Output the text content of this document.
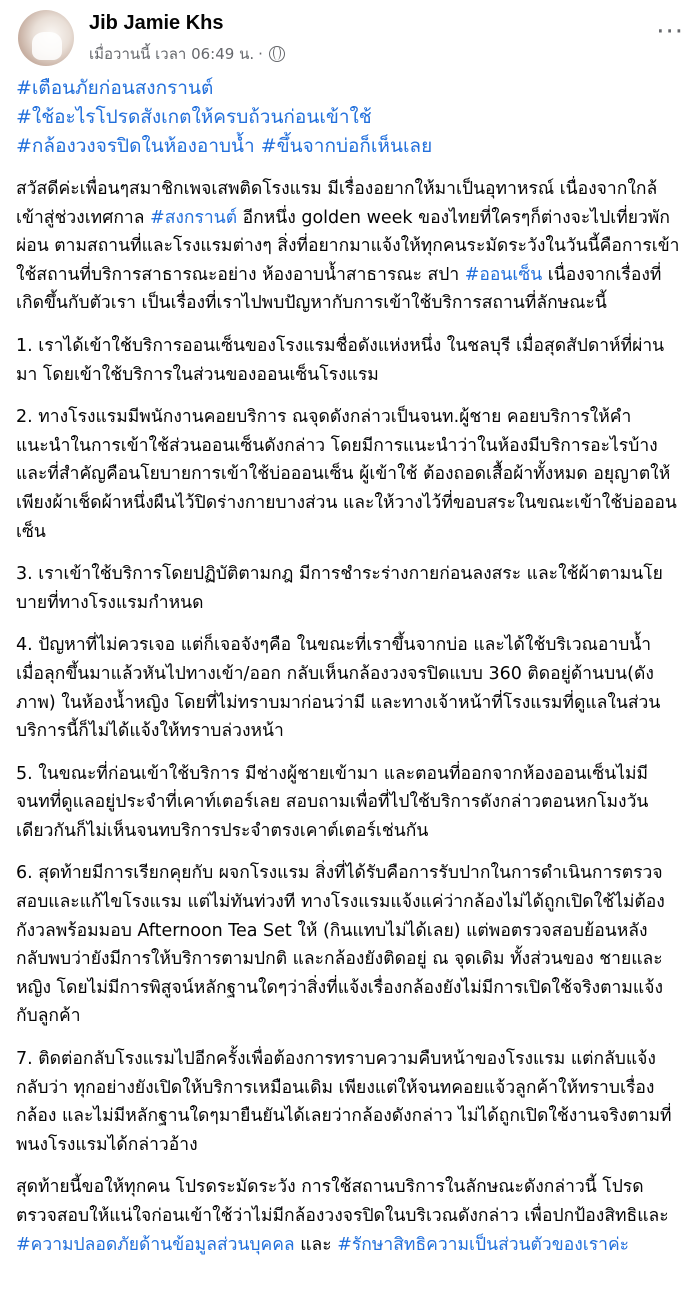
Jib Jamie Khs
เมื่อวานนี้ เวลา 06:49 น. ·
···
#เตือนภัยก่อนสงกรานต์
#ใช้อะไรโปรดสังเกตให้ครบถ้วนก่อนเข้าใช้
#กล้องวงจรปิดในห้องอาบน้ำ #ขึ้นจากบ่อก็เห็นเลย

สวัสดีค่ะเพื่อนๆสมาชิกเพจเสพติดโรงแรม มีเรื่องอยากให้มาเป็นอุทาหรณ์ เนื่องจากใกล้เข้าสู่ช่วงเทศกาล #สงกรานต์ อีกหนึ่ง golden week ของไทยที่ใครๆก็ต่างจะไปเที่ยวพักผ่อน ตามสถานที่และโรงแรมต่างๆ สิ่งที่อยากมาแจ้งให้ทุกคนระมัดระวังในวันนี้คือการเข้าใช้สถานที่บริการสาธารณะอย่าง ห้องอาบน้ำสาธารณะ สปา #ออนเซ็น เนื่องจากเรื่องที่เกิดขึ้นกับตัวเรา เป็นเรื่องที่เราไปพบปัญหากับการเข้าใช้บริการสถานที่ลักษณะนี้

1. เราได้เข้าใช้บริการออนเซ็นของโรงแรมชื่อดังแห่งหนึ่ง ในชลบุรี เมื่อสุดสัปดาห์ที่ผ่านมา โดยเข้าใช้บริการในส่วนของออนเซ็นโรงแรม

2. ทางโรงแรมมีพนักงานคอยบริการ ณจุดดังกล่าวเป็นจนท.ผู้ชาย คอยบริการให้คำแนะนำในการเข้าใช้ส่วนออนเซ็นดังกล่าว โดยมีการแนะนำว่าในห้องมีบริการอะไรบ้าง และที่สำคัญคือนโยบายการเข้าใช้บ่อออนเซ็น ผู้เข้าใช้ ต้องถอดเสื้อผ้าทั้งหมด อยุญาตให้เพียงผ้าเช็ดผ้าหนึ่งผืนไว้ปิดร่างกายบางส่วน และให้วางไว้ที่ขอบสระในขณะเข้าใช้บ่อออนเซ็น

3. เราเข้าใช้บริการโดยปฏิบัติตามกฎ มีการชำระร่างกายก่อนลงสระ และใช้ผ้าตามนโยบายที่ทางโรงแรมกำหนด

4. ปัญหาที่ไม่ควรเจอ แต่ก็เจอจังๆคือ ในขณะที่เราขึ้นจากบ่อ และได้ใช้บริเวณอาบน้ำ เมื่อลุกขึ้นมาแล้วหันไปทางเข้า/ออก กลับเห็นกล้องวงจรปิดแบบ 360 ติดอยู่ด้านบน(ดังภาพ) ในห้องน้ำหญิง โดยที่ไม่ทราบมาก่อนว่ามี และทางเจ้าหน้าที่โรงแรมที่ดูแลในส่วนบริการนี้ก็ไม่ได้แจ้งให้ทราบล่วงหน้า

5. ในขณะที่ก่อนเข้าใช้บริการ มีช่างผู้ชายเข้ามา และตอนที่ออกจากห้องออนเซ็นไม่มี จนทที่ดูแลอยู่ประจำที่เคาท์เตอร์เลย สอบถามเพื่อที่ไปใช้บริการดังกล่าวตอนหกโมงวันเดียวกันก็ไม่เห็นจนทบริการประจำตรงเคาต์เตอร์เช่นกัน

6. สุดท้ายมีการเรียกคุยกับ ผจกโรงแรม สิ่งที่ได้รับคือการรับปากในการดำเนินการตรวจสอบและแก้ไขโรงแรม แต่ไม่ทันท่วงที ทางโรงแรมแจ้งแค่ว่ากล้องไม่ได้ถูกเปิดใช้ไม่ต้องกังวลพร้อมมอบ Afternoon Tea Set ให้ (กินแทบไม่ได้เลย) แต่พอตรวจสอบย้อนหลัง กลับพบว่ายังมีการให้บริการตามปกติ และกล้องยังติดอยู่ ณ จุดเดิม ทั้งส่วนของ ชายและหญิง โดยไม่มีการพิสูจน์หลักฐานใดๆว่าสิ่งที่แจ้งเรื่องกล้องยังไม่มีการเปิดใช้จริงตามแจ้งกับลูกค้า

7. ติดต่อกลับโรงแรมไปอีกครั้งเพื่อต้องการทราบความคืบหน้าของโรงแรม แต่กลับแจ้งกลับว่า ทุกอย่างยังเปิดให้บริการเหมือนเดิม เพียงแต่ให้จนทคอยแจ้วลูกค้าให้ทราบเรื่องกล้อง และไม่มีหลักฐานใดๆมายืนยันได้เลยว่ากล้องดังกล่าว ไม่ได้ถูกเปิดใช้งานจริงตามที่พนงโรงแรมได้กล่าวอ้าง

สุดท้ายนี้ขอให้ทุกคน โปรดระมัดระวัง การใช้สถานบริการในลักษณะดังกล่าวนี้ โปรดตรวจสอบให้แน่ใจก่อนเข้าใช้ว่าไม่มีกล้องวงจรปิดในบริเวณดังกล่าว เพื่อปกป้องสิทธิและ #ความปลอดภัยด้านข้อมูลส่วนบุคคล และ #รักษาสิทธิความเป็นส่วนตัวของเราค่ะ
